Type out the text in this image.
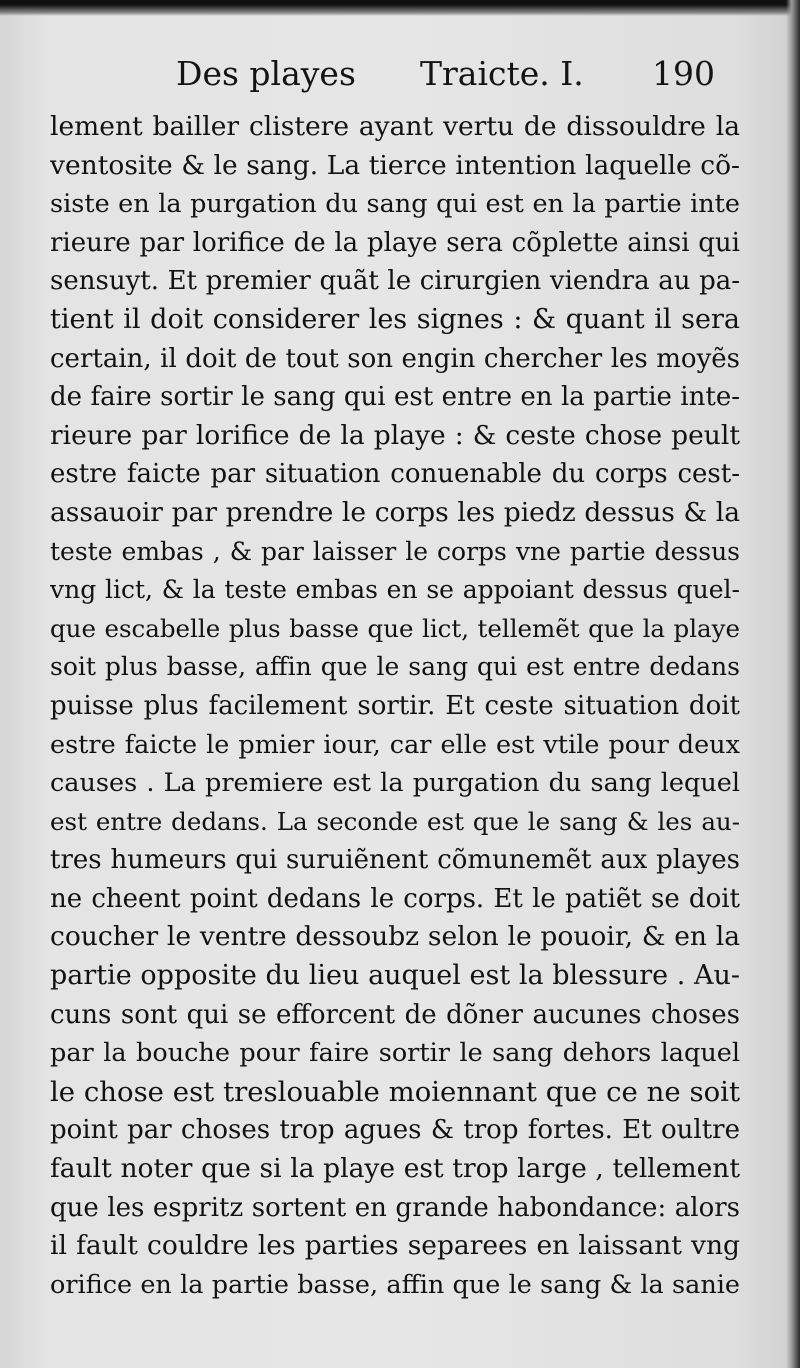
Des playes Traicte. I. 190
lement bailler clistere ayant vertu de dissouldre la
ventosite & le sang. La tierce intention laquelle cõ-
siste en la purgation du sang qui est en la partie inte
rieure par lorifice de la playe sera cõplette ainsi qui
sensuyt. Et premier quãt le cirurgien viendra au pa-
tient il doit considerer les signes : & quant il sera
certain, il doit de tout son engin chercher les moyẽs
de faire sortir le sang qui est entre en la partie inte-
rieure par lorifice de la playe : & ceste chose peult
estre faicte par situation conuenable du corps cest-
assauoir par prendre le corps les piedz dessus & la
teste embas , & par laisser le corps vne partie dessus
vng lict, & la teste embas en se appoiant dessus quel-
que escabelle plus basse que lict, tellemẽt que la playe
soit plus basse, affin que le sang qui est entre dedans
puisse plus facilement sortir. Et ceste situation doit
estre faicte le pmier iour, car elle est vtile pour deux
causes . La premiere est la purgation du sang lequel
est entre dedans. La seconde est que le sang & les au-
tres humeurs qui suruiẽnent cõmunemẽt aux playes
ne cheent point dedans le corps. Et le patiẽt se doit
coucher le ventre dessoubz selon le pouoir, & en la
partie opposite du lieu auquel est la blessure . Au-
cuns sont qui se efforcent de dõner aucunes choses
par la bouche pour faire sortir le sang dehors laquel
le chose est treslouable moiennant que ce ne soit
point par choses trop agues & trop fortes. Et oultre
fault noter que si la playe est trop large , tellement
que les espritz sortent en grande habondance: alors
il fault couldre les parties separees en laissant vng
orifice en la partie basse, affin que le sang & la sanie
